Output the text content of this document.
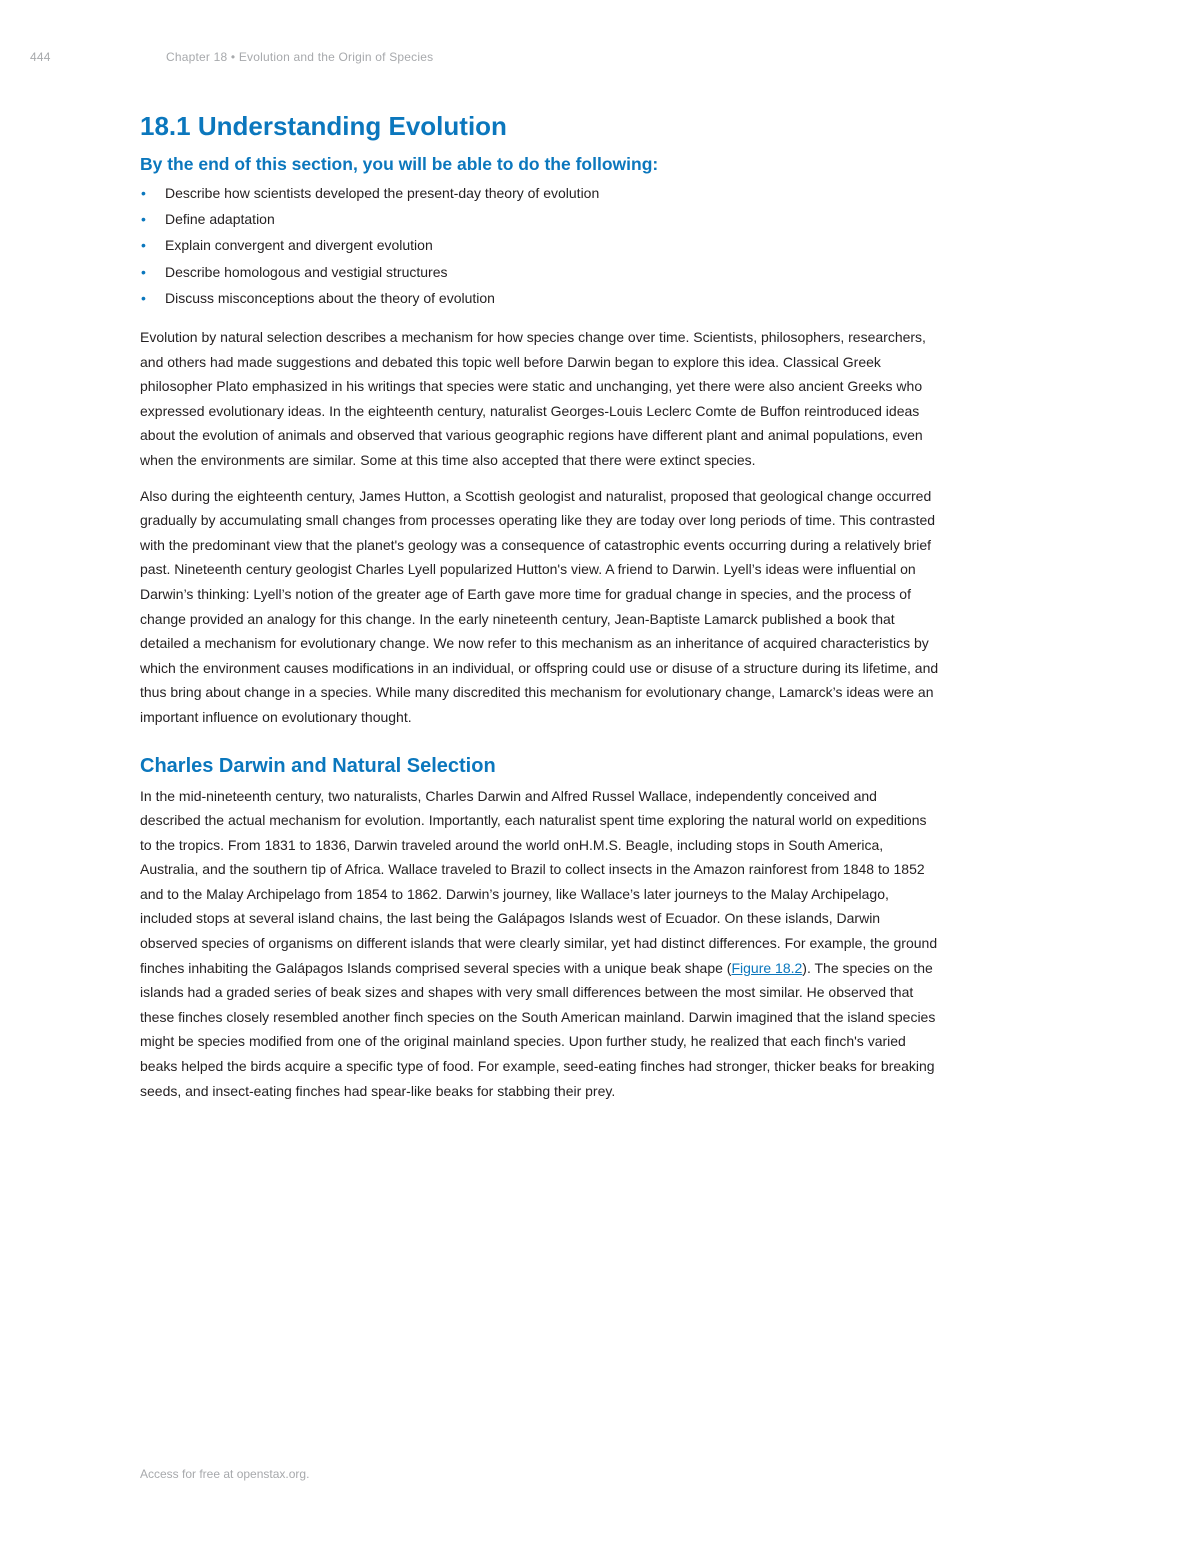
444	Chapter 18 • Evolution and the Origin of Species
18.1 Understanding Evolution
By the end of this section, you will be able to do the following:
• Describe how scientists developed the present-day theory of evolution
• Define adaptation
• Explain convergent and divergent evolution
• Describe homologous and vestigial structures
• Discuss misconceptions about the theory of evolution

Evolution by natural selection describes a mechanism for how species change over time. Scientists, philosophers, researchers, and others had made suggestions and debated this topic well before Darwin began to explore this idea. Classical Greek philosopher Plato emphasized in his writings that species were static and unchanging, yet there were also ancient Greeks who expressed evolutionary ideas. In the eighteenth century, naturalist Georges-Louis Leclerc Comte de Buffon reintroduced ideas about the evolution of animals and observed that various geographic regions have different plant and animal populations, even when the environments are similar. Some at this time also accepted that there were extinct species.

Also during the eighteenth century, James Hutton, a Scottish geologist and naturalist, proposed that geological change occurred gradually by accumulating small changes from processes operating like they are today over long periods of time. This contrasted with the predominant view that the planet's geology was a consequence of catastrophic events occurring during a relatively brief past. Nineteenth century geologist Charles Lyell popularized Hutton's view. A friend to Darwin. Lyell’s ideas were influential on Darwin’s thinking: Lyell’s notion of the greater age of Earth gave more time for gradual change in species, and the process of change provided an analogy for this change. In the early nineteenth century, Jean-Baptiste Lamarck published a book that detailed a mechanism for evolutionary change. We now refer to this mechanism as an inheritance of acquired characteristics by which the environment causes modifications in an individual, or offspring could use or disuse of a structure during its lifetime, and thus bring about change in a species. While many discredited this mechanism for evolutionary change, Lamarck’s ideas were an important influence on evolutionary thought.

Charles Darwin and Natural Selection

In the mid-nineteenth century, two naturalists, Charles Darwin and Alfred Russel Wallace, independently conceived and described the actual mechanism for evolution. Importantly, each naturalist spent time exploring the natural world on expeditions to the tropics. From 1831 to 1836, Darwin traveled around the world onH.M.S. Beagle, including stops in South America, Australia, and the southern tip of Africa. Wallace traveled to Brazil to collect insects in the Amazon rainforest from 1848 to 1852 and to the Malay Archipelago from 1854 to 1862. Darwin’s journey, like Wallace’s later journeys to the Malay Archipelago, included stops at several island chains, the last being the Galápagos Islands west of Ecuador. On these islands, Darwin observed species of organisms on different islands that were clearly similar, yet had distinct differences. For example, the ground finches inhabiting the Galápagos Islands comprised several species with a unique beak shape (Figure 18.2). The species on the islands had a graded series of beak sizes and shapes with very small differences between the most similar. He observed that these finches closely resembled another finch species on the South American mainland. Darwin imagined that the island species might be species modified from one of the original mainland species. Upon further study, he realized that each finch's varied beaks helped the birds acquire a specific type of food. For example, seed-eating finches had stronger, thicker beaks for breaking seeds, and insect-eating finches had spear-like beaks for stabbing their prey.

Access for free at openstax.org.
